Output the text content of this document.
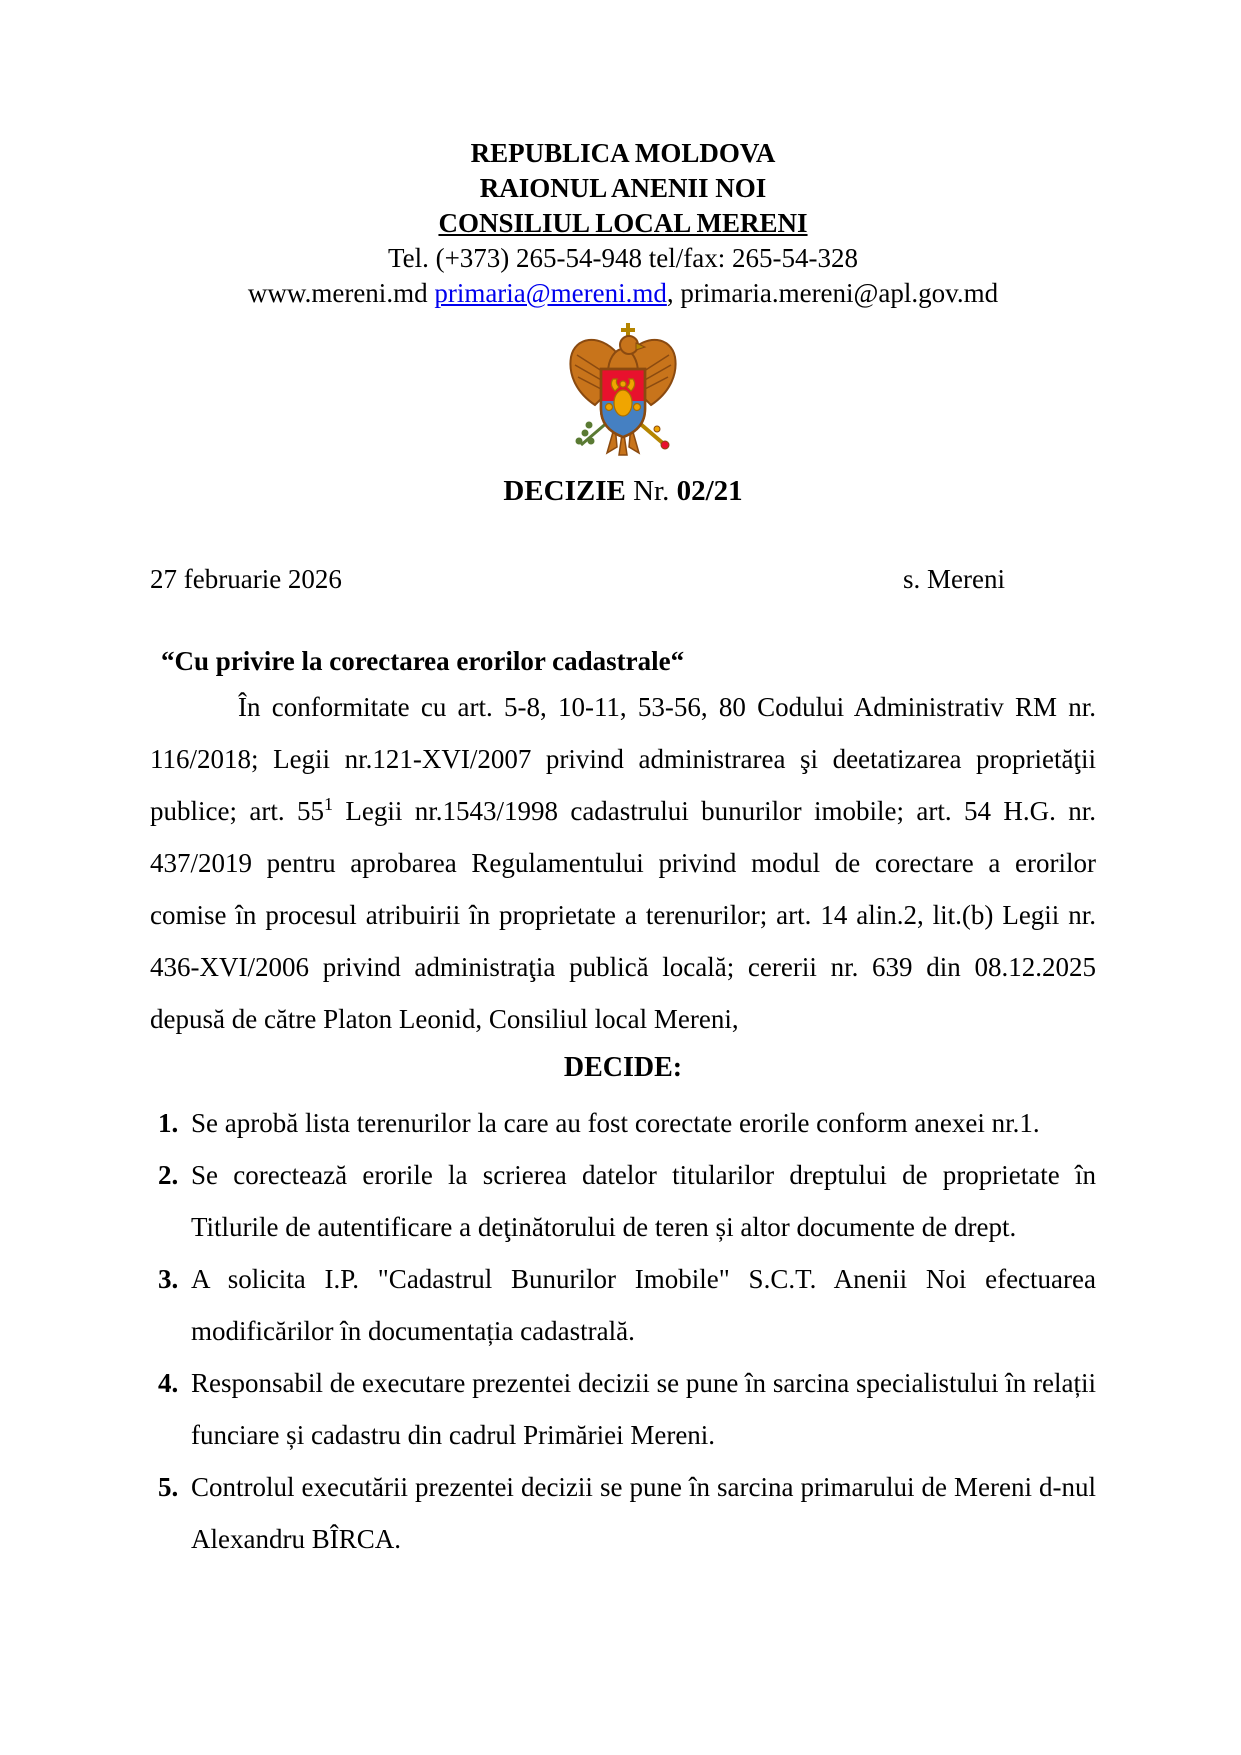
REPUBLICA MOLDOVA
RAIONUL ANENII NOI
CONSILIUL LOCAL MERENI
Tel. (+373) 265-54-948 tel/fax: 265-54-328
www.mereni.md primaria@mereni.md, primaria.mereni@apl.gov.md
DECIZIE Nr. 02/21
27 februarie 2026	s. Mereni
“Cu privire la corectarea erorilor cadastrale“

În conformitate cu art. 5-8, 10-11, 53-56, 80 Codului Administrativ RM nr. 116/2018; Legii nr.121-XVI/2007 privind administrarea şi deetatizarea proprietăţii publice; art. $55^1$ Legii nr.1543/1998 cadastrului bunurilor imobile; art. 54 H.G. nr. 437/2019 pentru aprobarea Regulamentului privind modul de corectare a erorilor comise în procesul atribuirii în proprietate a terenurilor; art. 14 alin.2, lit.(b) Legii nr. 436-XVI/2006 privind administraţia publică locală; cererii nr. 639 din 08.12.2025 depusă de către Platon Leonid, Consiliul local Mereni,

DECIDE:
1. Se aprobă lista terenurilor la care au fost corectate erorile conform anexei nr.1.
2. Se corectează erorile la scrierea datelor titularilor dreptului de proprietate în Titlurile de autentificare a deţinătorului de teren și altor documente de drept.
3. A solicita I.P. "Cadastrul Bunurilor Imobile" S.C.T. Anenii Noi efectuarea modificărilor în documentația cadastrală.
4. Responsabil de executare prezentei decizii se pune în sarcina specialistului în relații funciare și cadastru din cadrul Primăriei Mereni.
5. Controlul executării prezentei decizii se pune în sarcina primarului de Mereni d-nul Alexandru BÎRCA.
